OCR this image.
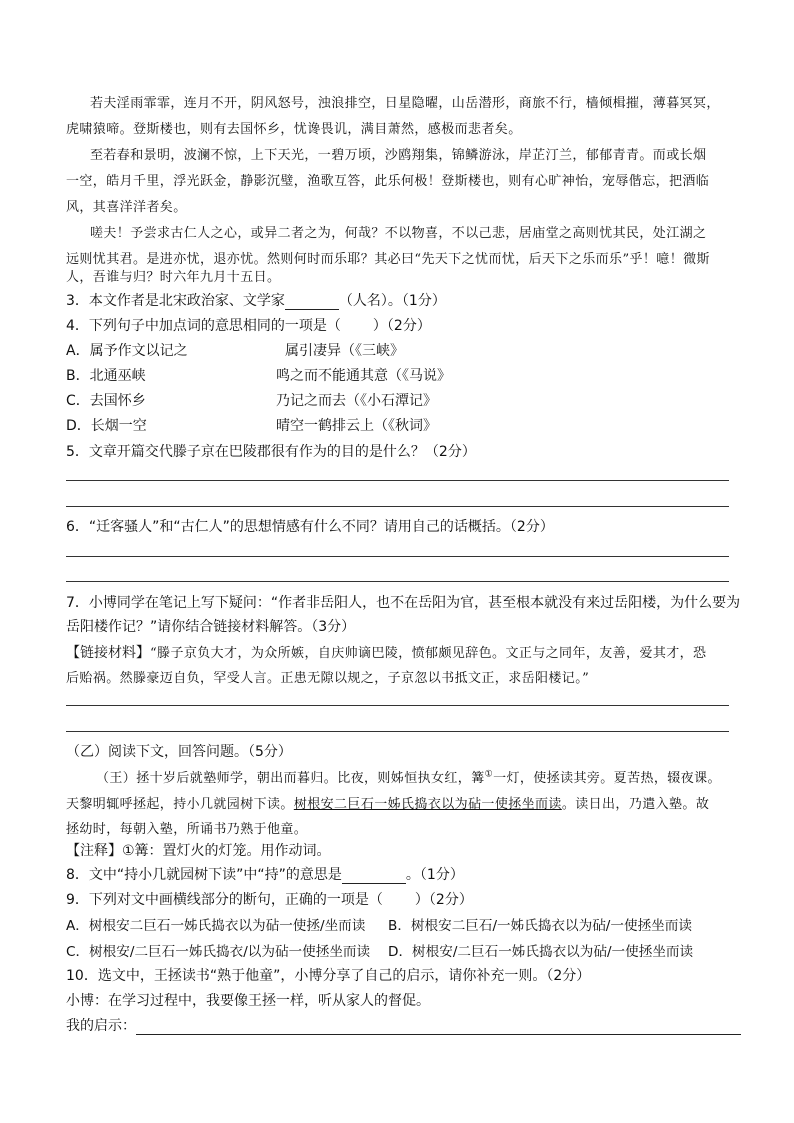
若夫淫雨霏霏，连月不开，阴风怒号，浊浪排空，日星隐曜，山岳潜形，商旅不行，樯倾楫摧，薄暮冥冥，
虎啸猿啼。登斯楼也，则有去国怀乡，忧谗畏讥，满目萧然，感极而悲者矣。
至若春和景明，波澜不惊，上下天光，一碧万顷，沙鸥翔集，锦鳞游泳，岸芷汀兰，郁郁青青。而或长烟
一空，皓月千里，浮光跃金，静影沉璧，渔歌互答，此乐何极！登斯楼也，则有心旷神怡，宠辱偕忘，把酒临
风，其喜洋洋者矣。
嗟夫！予尝求古仁人之心，或异二者之为，何哉？不以物喜，不以己悲，居庙堂之高则忧其民，处江湖之
远则忧其君。是进亦忧，退亦忧。然则何时而乐耶？其必曰“先天下之忧而忧，后天下之乐而乐”乎！噫！微斯
人，吾谁与归？时六年九月十五日。
3．本文作者是北宋政治家、文学家	（人名）。（1分）
4．下列句子中加点词的意思相同的一项是（ ）（2分）
A．属予作文以记之	属引凄异（《三峡》
B．北通巫峡	鸣之而不能通其意（《马说》
C．去国怀乡	乃记之而去（《小石潭记》
D．长烟一空	晴空一鹤排云上（《秋词》
5．文章开篇交代滕子京在巴陵郡很有作为的目的是什么？（2分）
6．“迁客骚人”和“古仁人”的思想情感有什么不同？请用自己的话概括。（2分）
7．小博同学在笔记上写下疑问：“作者非岳阳人，也不在岳阳为官，甚至根本就没有来过岳阳楼，为什么要为
岳阳楼作记？”请你结合链接材料解答。（3分）
【链接材料】“滕子京负大才，为众所嫉，自庆帅谪巴陵，愤郁颇见辞色。文正与之同年，友善，爱其才，恐
后贻祸。然滕豪迈自负，罕受人言。正患无隙以规之，子京忽以书抵文正，求岳阳楼记。”
（乙）阅读下文，回答问题。（5分）
（王）拯十岁后就塾师学，朝出而暮归。比夜，则姊恒执女红，篝①一灯，使拯读其旁。夏苦热，辍夜课。
天黎明辄呼拯起，持小几就园树下读。树根安二巨石一姊氏捣衣以为砧一使拯坐而读。读日出，乃遣入塾。故
拯幼时，每朝入塾，所诵书乃熟于他童。
【注释】①篝：置灯火的灯笼。用作动词。
8．文中“持小几就园树下读”中“持”的意思是	。（1分）
9．下列对文中画横线部分的断句，正确的一项是（ ）（2分）
A．树根安二巨石一姊氏捣衣以为砧一使拯/坐而读 B．树根安二巨石/一姊氏捣衣以为砧/一使拯坐而读
C．树根安/二巨石一姊氏捣衣/以为砧一使拯坐而读 D．树根安/二巨石一姊氏捣衣以为砧/一使拯坐而读
10．选文中，王拯读书“熟于他童”，小博分享了自己的启示，请你补充一则。（2分）
小博：在学习过程中，我要像王拯一样，听从家人的督促。
我的启示：
